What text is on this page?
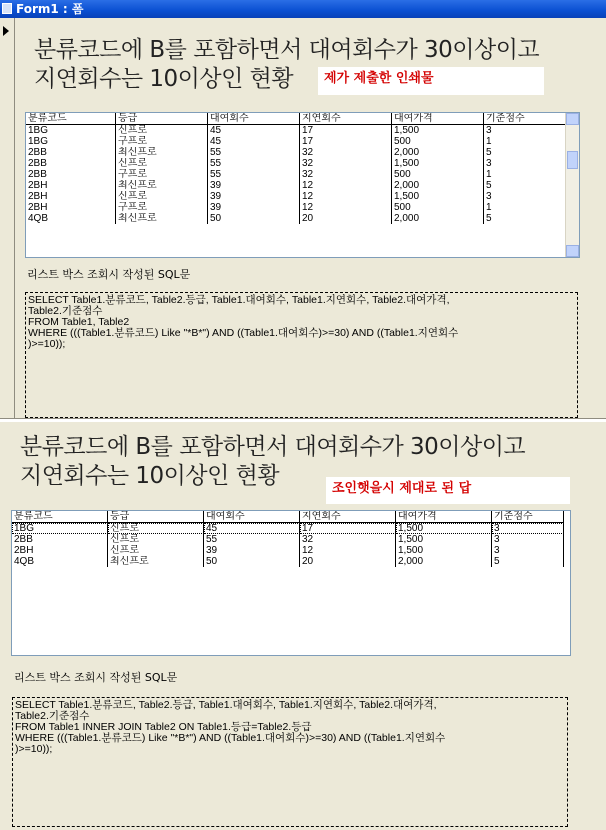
Form1 : 폼
분류코드에 B를 포함하면서 대여회수가 30이상이고
지연회수는 10이상인 현황	제가 제출한 인쇄물
분류코드	등급	대여회수	지연회수	대여가격	기준점수
1BG	신프로	45	17	1,500	3
1BG	구프로	45	17	500	1
2BB	최신프로	55	32	2,000	5
2BB	신프로	55	32	1,500	3
2BB	구프로	55	32	500	1
2BH	최신프로	39	12	2,000	5
2BH	신프로	39	12	1,500	3
2BH	구프로	39	12	500	1
4QB	최신프로	50	20	2,000	5
리스트 박스 조회시 작성된 SQL문
SELECT Table1.분류코드, Table2.등급, Table1.대여회수, Table1.지연회수, Table2.대여가격,
Table2.기준점수
FROM Table1, Table2
WHERE (((Table1.분류코드) Like "*B*") AND ((Table1.대여회수)>=30) AND ((Table1.지연회수
)>=10));
분류코드에 B를 포함하면서 대여회수가 30이상이고
지연회수는 10이상인 현황	조인햇을시 제대로 된 답
분류코드	등급	대여회수	지연회수	대여가격	기준점수
1BG	신프로	45	17	1,500	3
2BB	신프로	55	32	1,500	3
2BH	신프로	39	12	1,500	3
4QB	최신프로	50	20	2,000	5
리스트 박스 조회시 작성된 SQL문
SELECT Table1.분류코드, Table2.등급, Table1.대여회수, Table1.지연회수, Table2.대여가격,
Table2.기준점수
FROM Table1 INNER JOIN Table2 ON Table1.등급=Table2.등급
WHERE (((Table1.분류코드) Like "*B*") AND ((Table1.대여회수)>=30) AND ((Table1.지연회수
)>=10));
